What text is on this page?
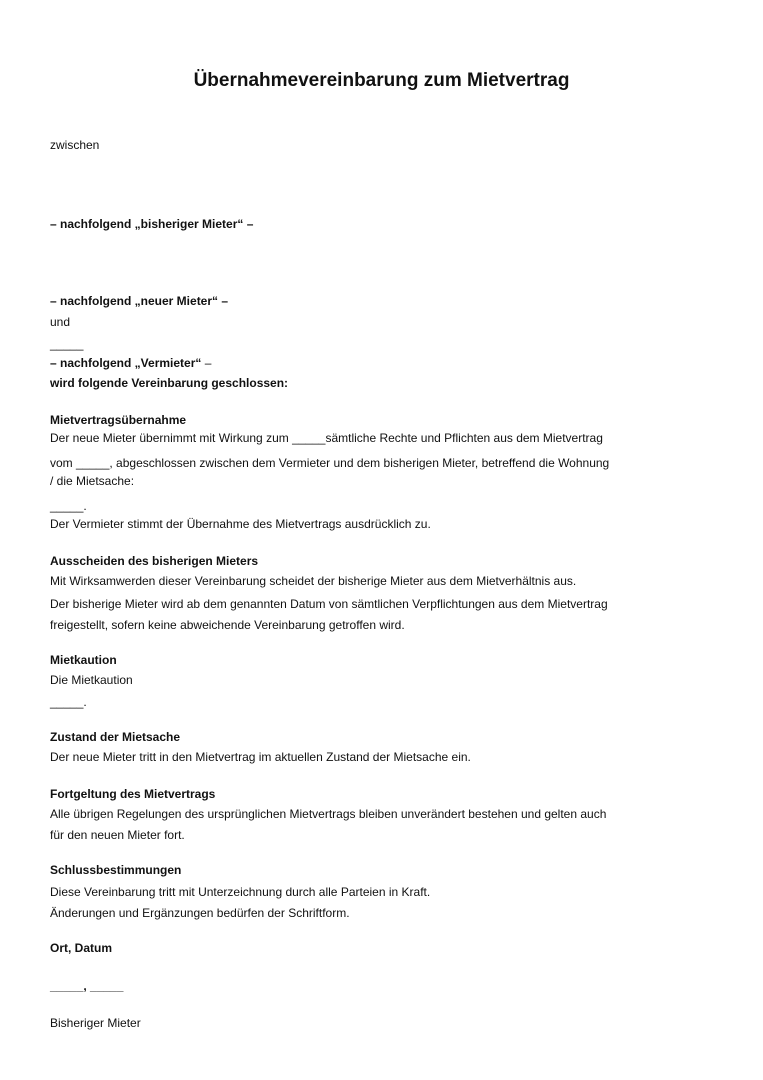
Übernahmevereinbarung zum Mietvertrag
zwischen
– nachfolgend „bisheriger Mieter“ –
– nachfolgend „neuer Mieter“ –
und
_____
– nachfolgend „Vermieter“ –
wird folgende Vereinbarung geschlossen:
Mietvertragsübernahme
Der neue Mieter übernimmt mit Wirkung zum _____sämtliche Rechte und Pflichten aus dem Mietvertrag
vom _____, abgeschlossen zwischen dem Vermieter und dem bisherigen Mieter, betreffend die Wohnung
/ die Mietsache:
_____.
Der Vermieter stimmt der Übernahme des Mietvertrags ausdrücklich zu.
Ausscheiden des bisherigen Mieters
Mit Wirksamwerden dieser Vereinbarung scheidet der bisherige Mieter aus dem Mietverhältnis aus.
Der bisherige Mieter wird ab dem genannten Datum von sämtlichen Verpflichtungen aus dem Mietvertrag
freigestellt, sofern keine abweichende Vereinbarung getroffen wird.
Mietkaution
Die Mietkaution
_____.
Zustand der Mietsache
Der neue Mieter tritt in den Mietvertrag im aktuellen Zustand der Mietsache ein.
Fortgeltung des Mietvertrags
Alle übrigen Regelungen des ursprünglichen Mietvertrags bleiben unverändert bestehen und gelten auch
für den neuen Mieter fort.
Schlussbestimmungen
Diese Vereinbarung tritt mit Unterzeichnung durch alle Parteien in Kraft.
Änderungen und Ergänzungen bedürfen der Schriftform.
Ort, Datum
_____, _____
Bisheriger Mieter
